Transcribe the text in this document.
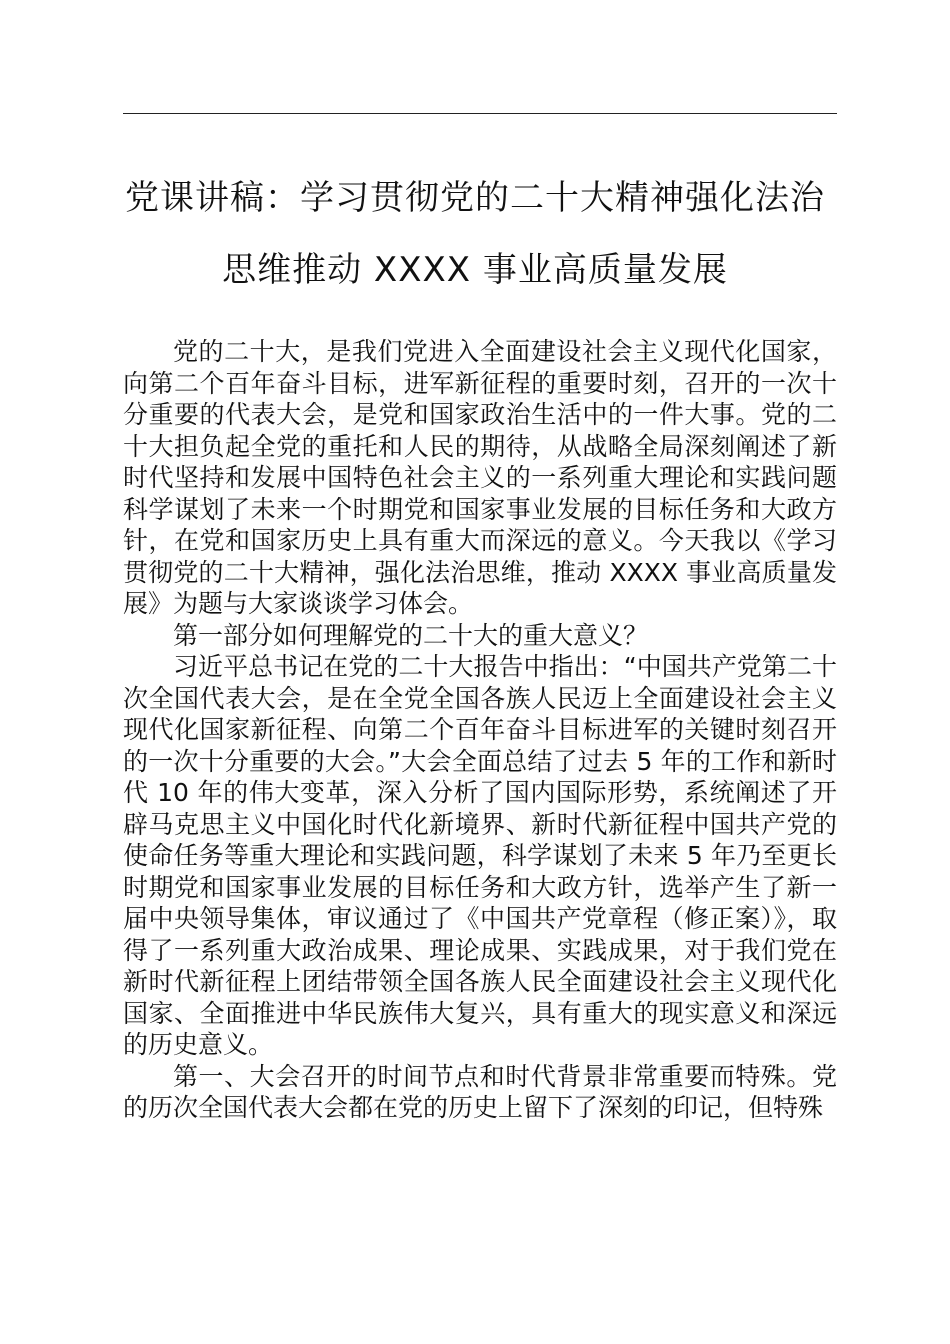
党课讲稿：学习贯彻党的二十大精神强化法治
思维推动 XXXX 事业高质量发展

党的二十大，是我们党进入全面建设社会主义现代化国家，向第二个百年奋斗目标，进军新征程的重要时刻，召开的一次十分重要的代表大会，是党和国家政治生活中的一件大事。党的二十大担负起全党的重托和人民的期待，从战略全局深刻阐述了新时代坚持和发展中国特色社会主义的一系列重大理论和实践问题科学谋划了未来一个时期党和国家事业发展的目标任务和大政方针，在党和国家历史上具有重大而深远的意义。今天我以《学习贯彻党的二十大精神，强化法治思维，推动 XXXX 事业高质量发展》为题与大家谈谈学习体会。

第一部分如何理解党的二十大的重大意义？

习近平总书记在党的二十大报告中指出：“中国共产党第二十次全国代表大会，是在全党全国各族人民迈上全面建设社会主义现代化国家新征程、向第二个百年奋斗目标进军的关键时刻召开的一次十分重要的大会。”大会全面总结了过去 5 年的工作和新时代 10 年的伟大变革，深入分析了国内国际形势，系统阐述了开辟马克思主义中国化时代化新境界、新时代新征程中国共产党的使命任务等重大理论和实践问题，科学谋划了未来 5 年乃至更长时期党和国家事业发展的目标任务和大政方针，选举产生了新一届中央领导集体，审议通过了《中国共产党章程（修正案）》，取得了一系列重大政治成果、理论成果、实践成果，对于我们党在新时代新征程上团结带领全国各族人民全面建设社会主义现代化国家、全面推进中华民族伟大复兴，具有重大的现实意义和深远的历史意义。

第一、大会召开的时间节点和时代背景非常重要而特殊。党的历次全国代表大会都在党的历史上留下了深刻的印记，但特殊
